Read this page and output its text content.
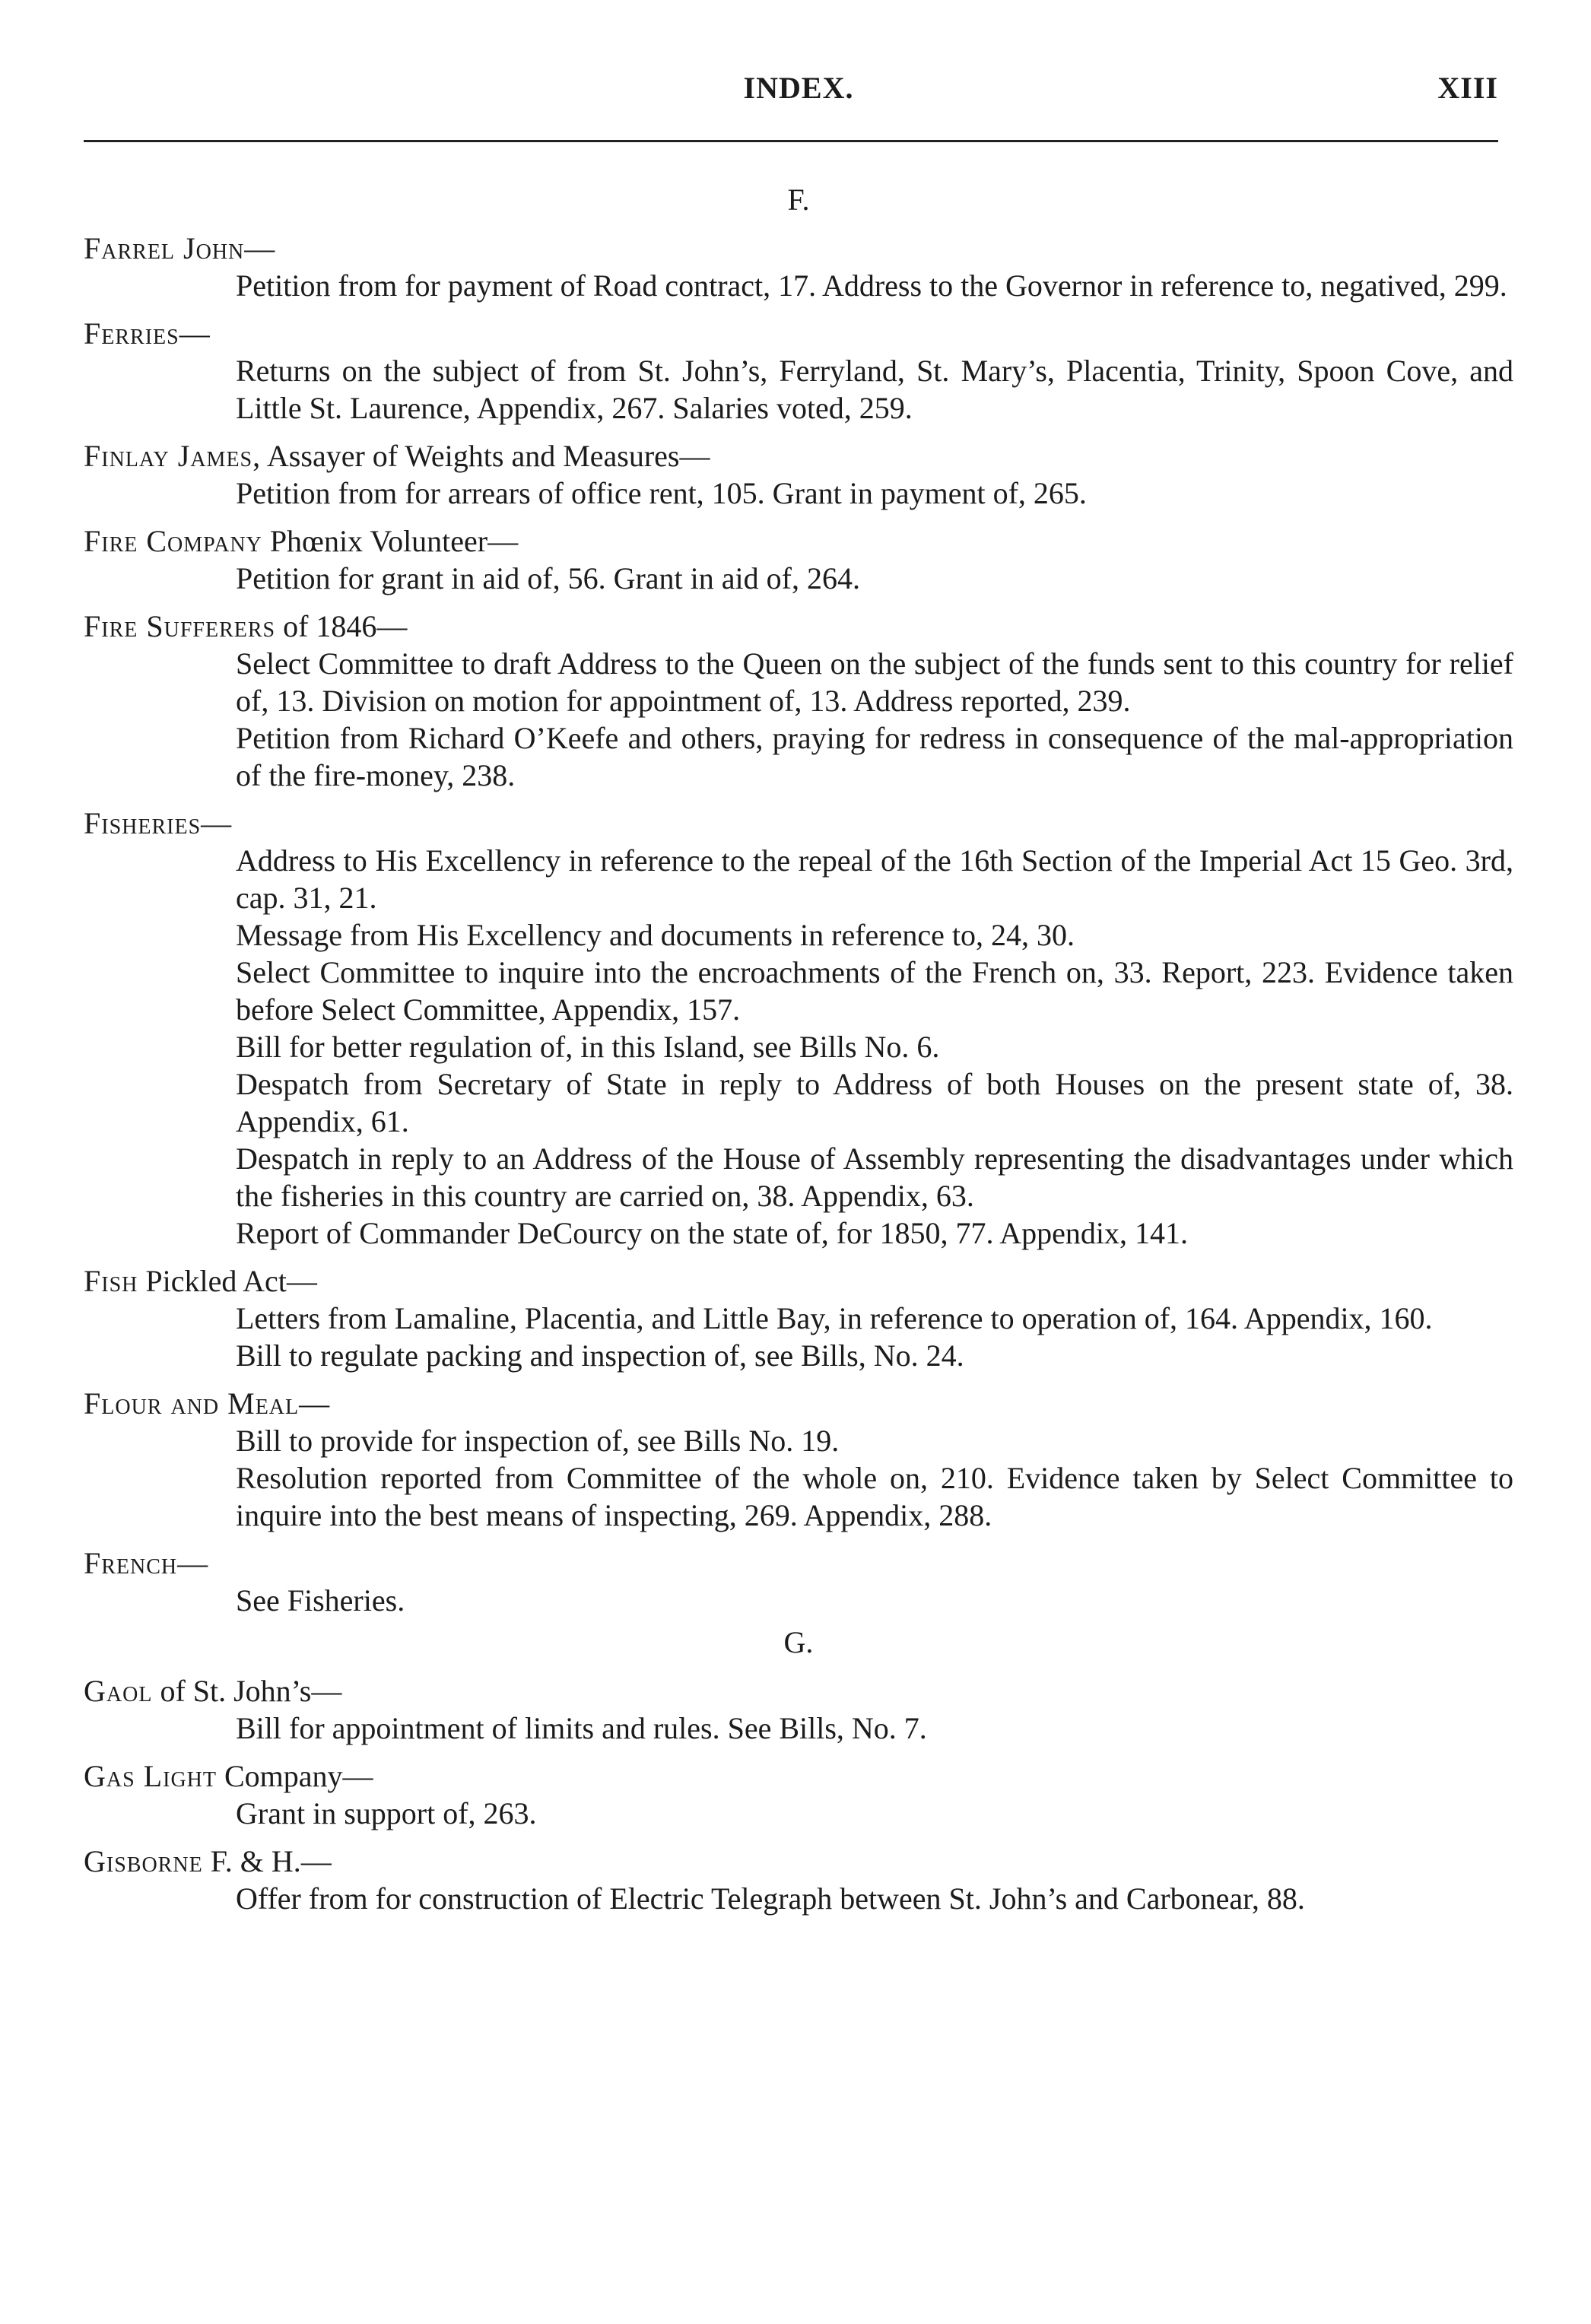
INDEX.	XIII
F.
Farrel John—

Petition from for payment of Road contract, 17. Address to the Governor in reference to, negatived, 299.

Ferries—

Returns on the subject of from St. John’s, Ferryland, St. Mary’s, Placentia, Trinity, Spoon Cove, and Little St. Laurence, Appendix, 267. Salaries voted, 259.

Finlay James, Assayer of Weights and Measures—

Petition from for arrears of office rent, 105. Grant in payment of, 265.

Fire Company Phœnix Volunteer—

Petition for grant in aid of, 56. Grant in aid of, 264.

Fire Sufferers of 1846—

Select Committee to draft Address to the Queen on the subject of the funds sent to this country for relief of, 13. Division on motion for appointment of, 13. Address reported, 239.

Petition from Richard O’Keefe and others, praying for redress in consequence of the mal-appropriation of the fire-money, 238.

Fisheries—

Address to His Excellency in reference to the repeal of the 16th Section of the Imperial Act 15 Geo. 3rd, cap. 31, 21.

Message from His Excellency and documents in reference to, 24, 30.

Select Committee to inquire into the encroachments of the French on, 33. Report, 223. Evidence taken before Select Committee, Appendix, 157.

Bill for better regulation of, in this Island, see Bills No. 6.

Despatch from Secretary of State in reply to Address of both Houses on the present state of, 38. Appendix, 61.

Despatch in reply to an Address of the House of Assembly representing the disadvantages under which the fisheries in this country are carried on, 38. Appendix, 63.

Report of Commander DeCourcy on the state of, for 1850, 77. Appendix, 141.

Fish Pickled Act—

Letters from Lamaline, Placentia, and Little Bay, in reference to operation of, 164. Appendix, 160.

Bill to regulate packing and inspection of, see Bills, No. 24.

Flour and Meal—

Bill to provide for inspection of, see Bills No. 19.

Resolution reported from Committee of the whole on, 210. Evidence taken by Select Committee to inquire into the best means of inspecting, 269. Appendix, 288.

French—

See Fisheries.

G.
Gaol of St. John’s—

Bill for appointment of limits and rules. See Bills, No. 7.

Gas Light Company—

Grant in support of, 263.

Gisborne F. & H.—

Offer from for construction of Electric Telegraph between St. John’s and Carbonear, 88.
